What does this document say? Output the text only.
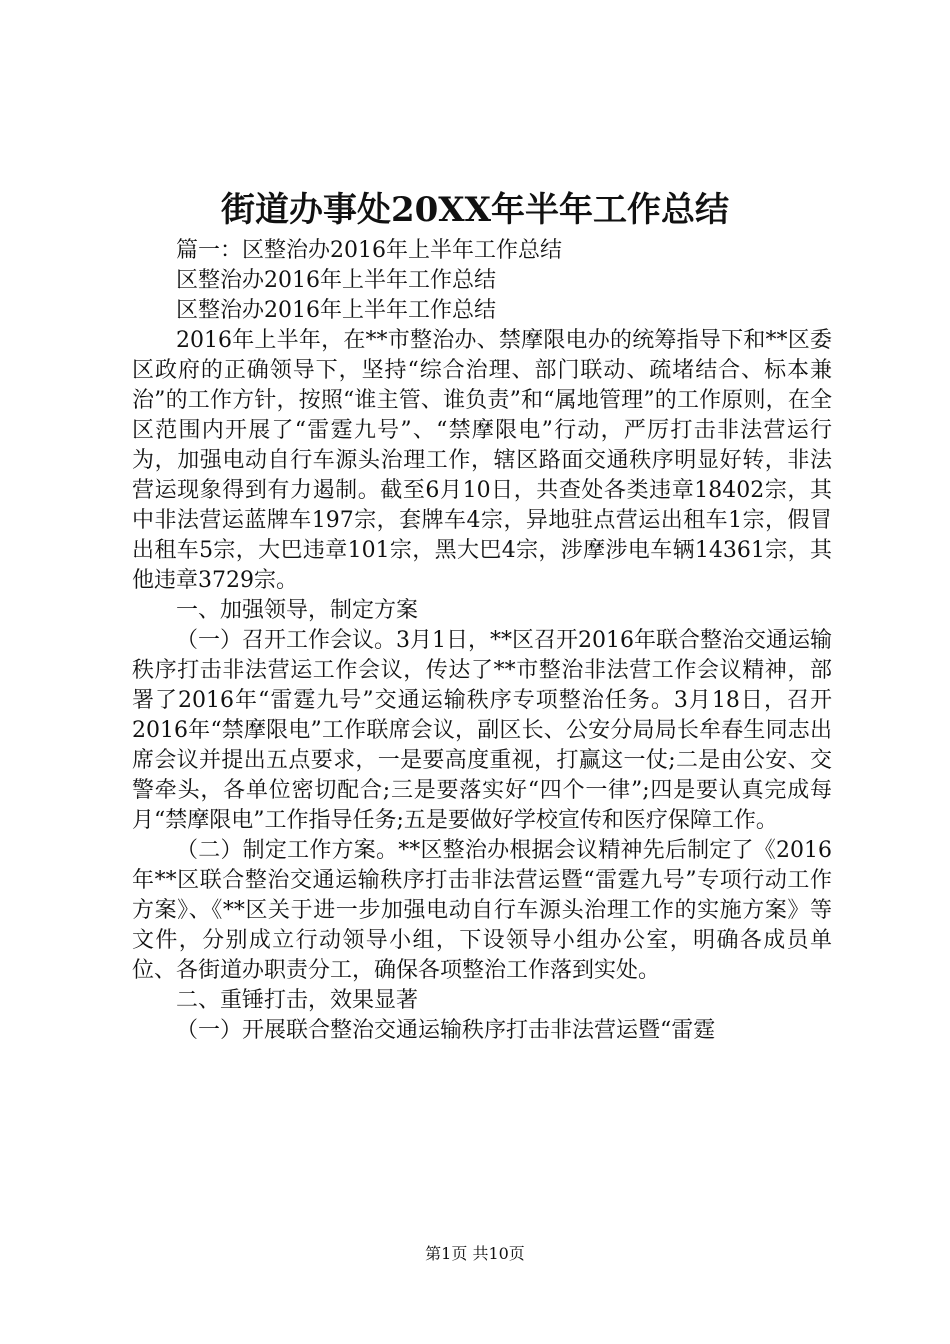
街道办事处20XX年半年工作总结

篇一：区整治办2016年上半年工作总结

区整治办2016年上半年工作总结

区整治办2016年上半年工作总结

2016年上半年，在**市整治办、禁摩限电办的统筹指导下和**区委区政府的正确领导下，坚持“综合治理、部门联动、疏堵结合、标本兼治”的工作方针，按照“谁主管、谁负责”和“属地管理”的工作原则，在全区范围内开展了“雷霆九号”、“禁摩限电”行动，严厉打击非法营运行为，加强电动自行车源头治理工作，辖区路面交通秩序明显好转，非法营运现象得到有力遏制。截至6月10日，共查处各类违章18402宗，其中非法营运蓝牌车197宗，套牌车4宗，异地驻点营运出租车1宗，假冒出租车5宗，大巴违章101宗，黑大巴4宗，涉摩涉电车辆14361宗，其他违章3729宗。

一、加强领导，制定方案

（一）召开工作会议。3月1日，**区召开2016年联合整治交通运输秩序打击非法营运工作会议，传达了**市整治非法营工作会议精神，部署了2016年“雷霆九号”交通运输秩序专项整治任务。3月18日，召开2016年“禁摩限电”工作联席会议，副区长、公安分局局长牟春生同志出席会议并提出五点要求，一是要高度重视，打赢这一仗;二是由公安、交警牵头，各单位密切配合;三是要落实好“四个一律”;四是要认真完成每月“禁摩限电”工作指导任务;五是要做好学校宣传和医疗保障工作。

（二）制定工作方案。**区整治办根据会议精神先后制定了《2016年**区联合整治交通运输秩序打击非法营运暨“雷霆九号”专项行动工作方案》、《**区关于进一步加强电动自行车源头治理工作的实施方案》等文件，分别成立行动领导小组，下设领导小组办公室，明确各成员单位、各街道办职责分工，确保各项整治工作落到实处。

二、重锤打击，效果显著

（一）开展联合整治交通运输秩序打击非法营运暨“雷霆

第1页 共10页
